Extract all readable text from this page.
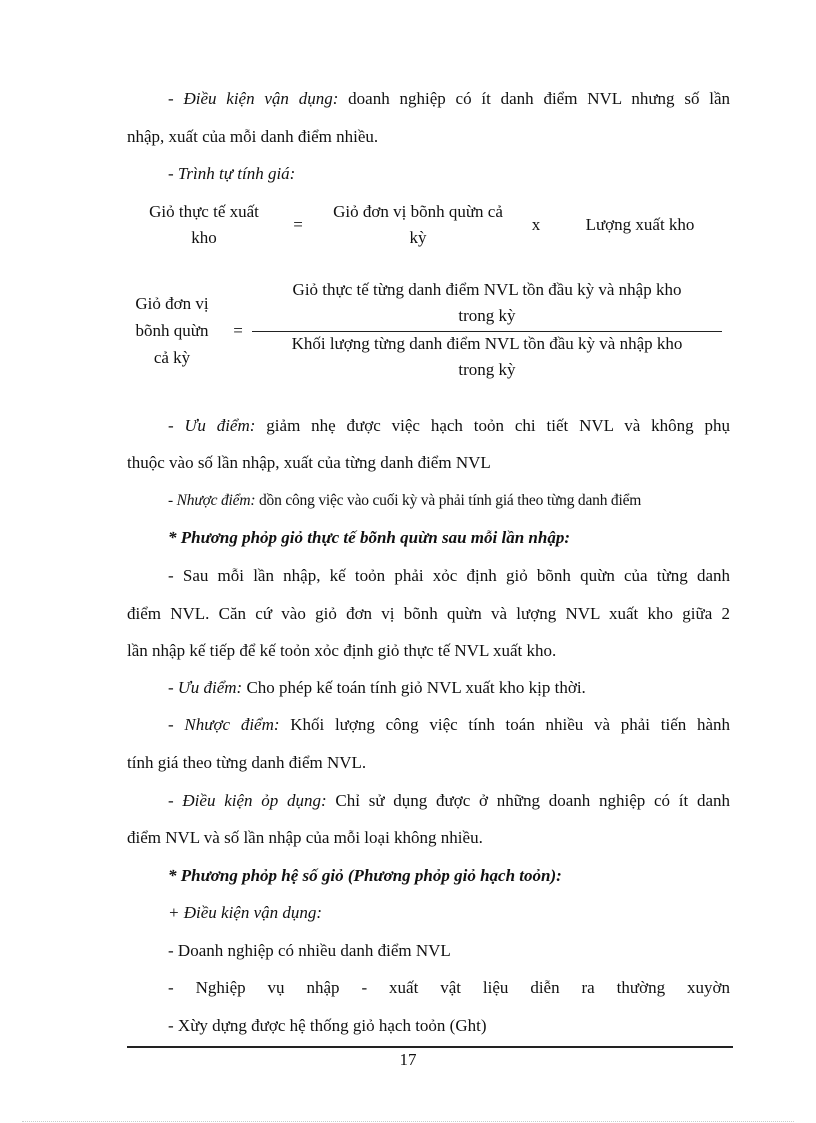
- Điều kiện vận dụng: doanh nghiệp có ít danh điểm NVL nhưng số lần
nhập, xuất của mỗi danh điểm nhiều.
- Trình tự tính giá:
Giỏ thực tế xuất
kho
=
Giỏ đơn vị bõnh quừn cả
kỳ
x	Lượng xuất kho
Giỏ đơn vị
bõnh quừn
cả kỳ
=
Giỏ thực tế từng danh điểm NVL tồn đầu kỳ và nhập kho
trong kỳ
Khối lượng từng danh điểm NVL tồn đầu kỳ và nhập kho
trong kỳ
- Ưu điểm: giảm nhẹ được việc hạch toỏn chi tiết NVL và không phụ
thuộc vào số lần nhập, xuất của từng danh điểm NVL
- Nhược điểm: dồn công việc vào cuối kỳ và phải tính giá theo từng danh điểm
* Phương phỏp giỏ thực tế bõnh quừn sau mỗi lần nhập:
- Sau mỗi lần nhập, kế toỏn phải xỏc định giỏ bõnh quừn của từng danh
điểm NVL. Căn cứ vào giỏ đơn vị bõnh quừn và lượng NVL xuất kho giữa 2
lần nhập kế tiếp để kế toỏn xỏc định giỏ thực tế NVL xuất kho.
- Ưu điểm: Cho phép kế toán tính giỏ NVL xuất kho kịp thời.
- Nhược điểm: Khối lượng công việc tính toán nhiều và phải tiến hành
tính giá theo từng danh điểm NVL.
- Điều kiện ỏp dụng: Chỉ sử dụng được ở những doanh nghiệp có ít danh
điểm NVL và số lần nhập của mỗi loại không nhiều.
* Phương phỏp hệ số giỏ (Phương phỏp giỏ hạch toỏn):
+ Điều kiện vận dụng:
- Doanh nghiệp có nhiều danh điểm NVL
- Nghiệp vụ nhập - xuất vật liệu diễn ra thường xuyờn
- Xừy dựng được hệ thống giỏ hạch toỏn (Ght)
17
